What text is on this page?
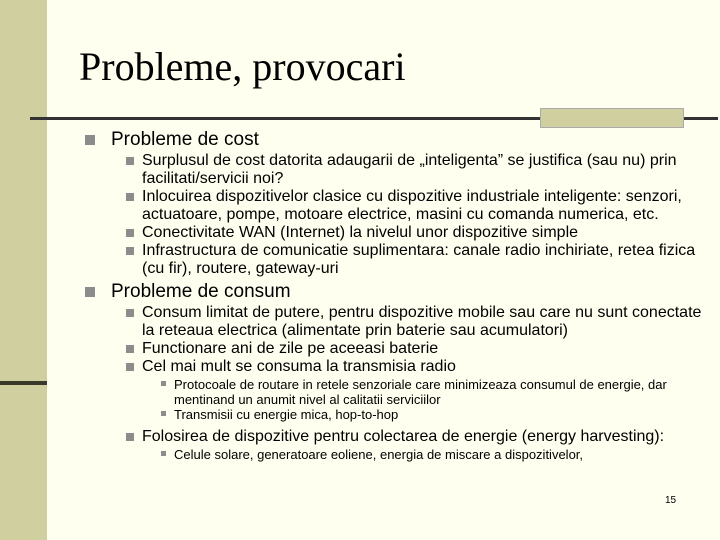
Probleme, provocari
Probleme de cost
Surplusul de cost datorita adaugarii de „inteligenta” se justifica (sau nu) prin facilitati/servicii noi?
Inlocuirea dispozitivelor clasice cu dispozitive industriale inteligente: senzori, actuatoare, pompe, motoare electrice, masini cu comanda numerica, etc.
Conectivitate WAN (Internet) la nivelul unor dispozitive simple
Infrastructura de comunicatie suplimentara: canale radio inchiriate, retea fizica (cu fir), routere, gateway-uri
Probleme de consum
Consum limitat de putere, pentru dispozitive mobile sau care nu sunt conectate la reteaua electrica (alimentate prin baterie sau acumulatori)
Functionare ani de zile pe aceeasi baterie
Cel mai mult se consuma la transmisia radio
Protocoale de routare in retele senzoriale care minimizeaza consumul de energie, dar mentinand un anumit nivel al calitatii serviciilor
Transmisii cu energie mica, hop-to-hop
Folosirea de dispozitive pentru colectarea de energie (energy harvesting):
Celule solare, generatoare eoliene, energia de miscare a dispozitivelor,
15
